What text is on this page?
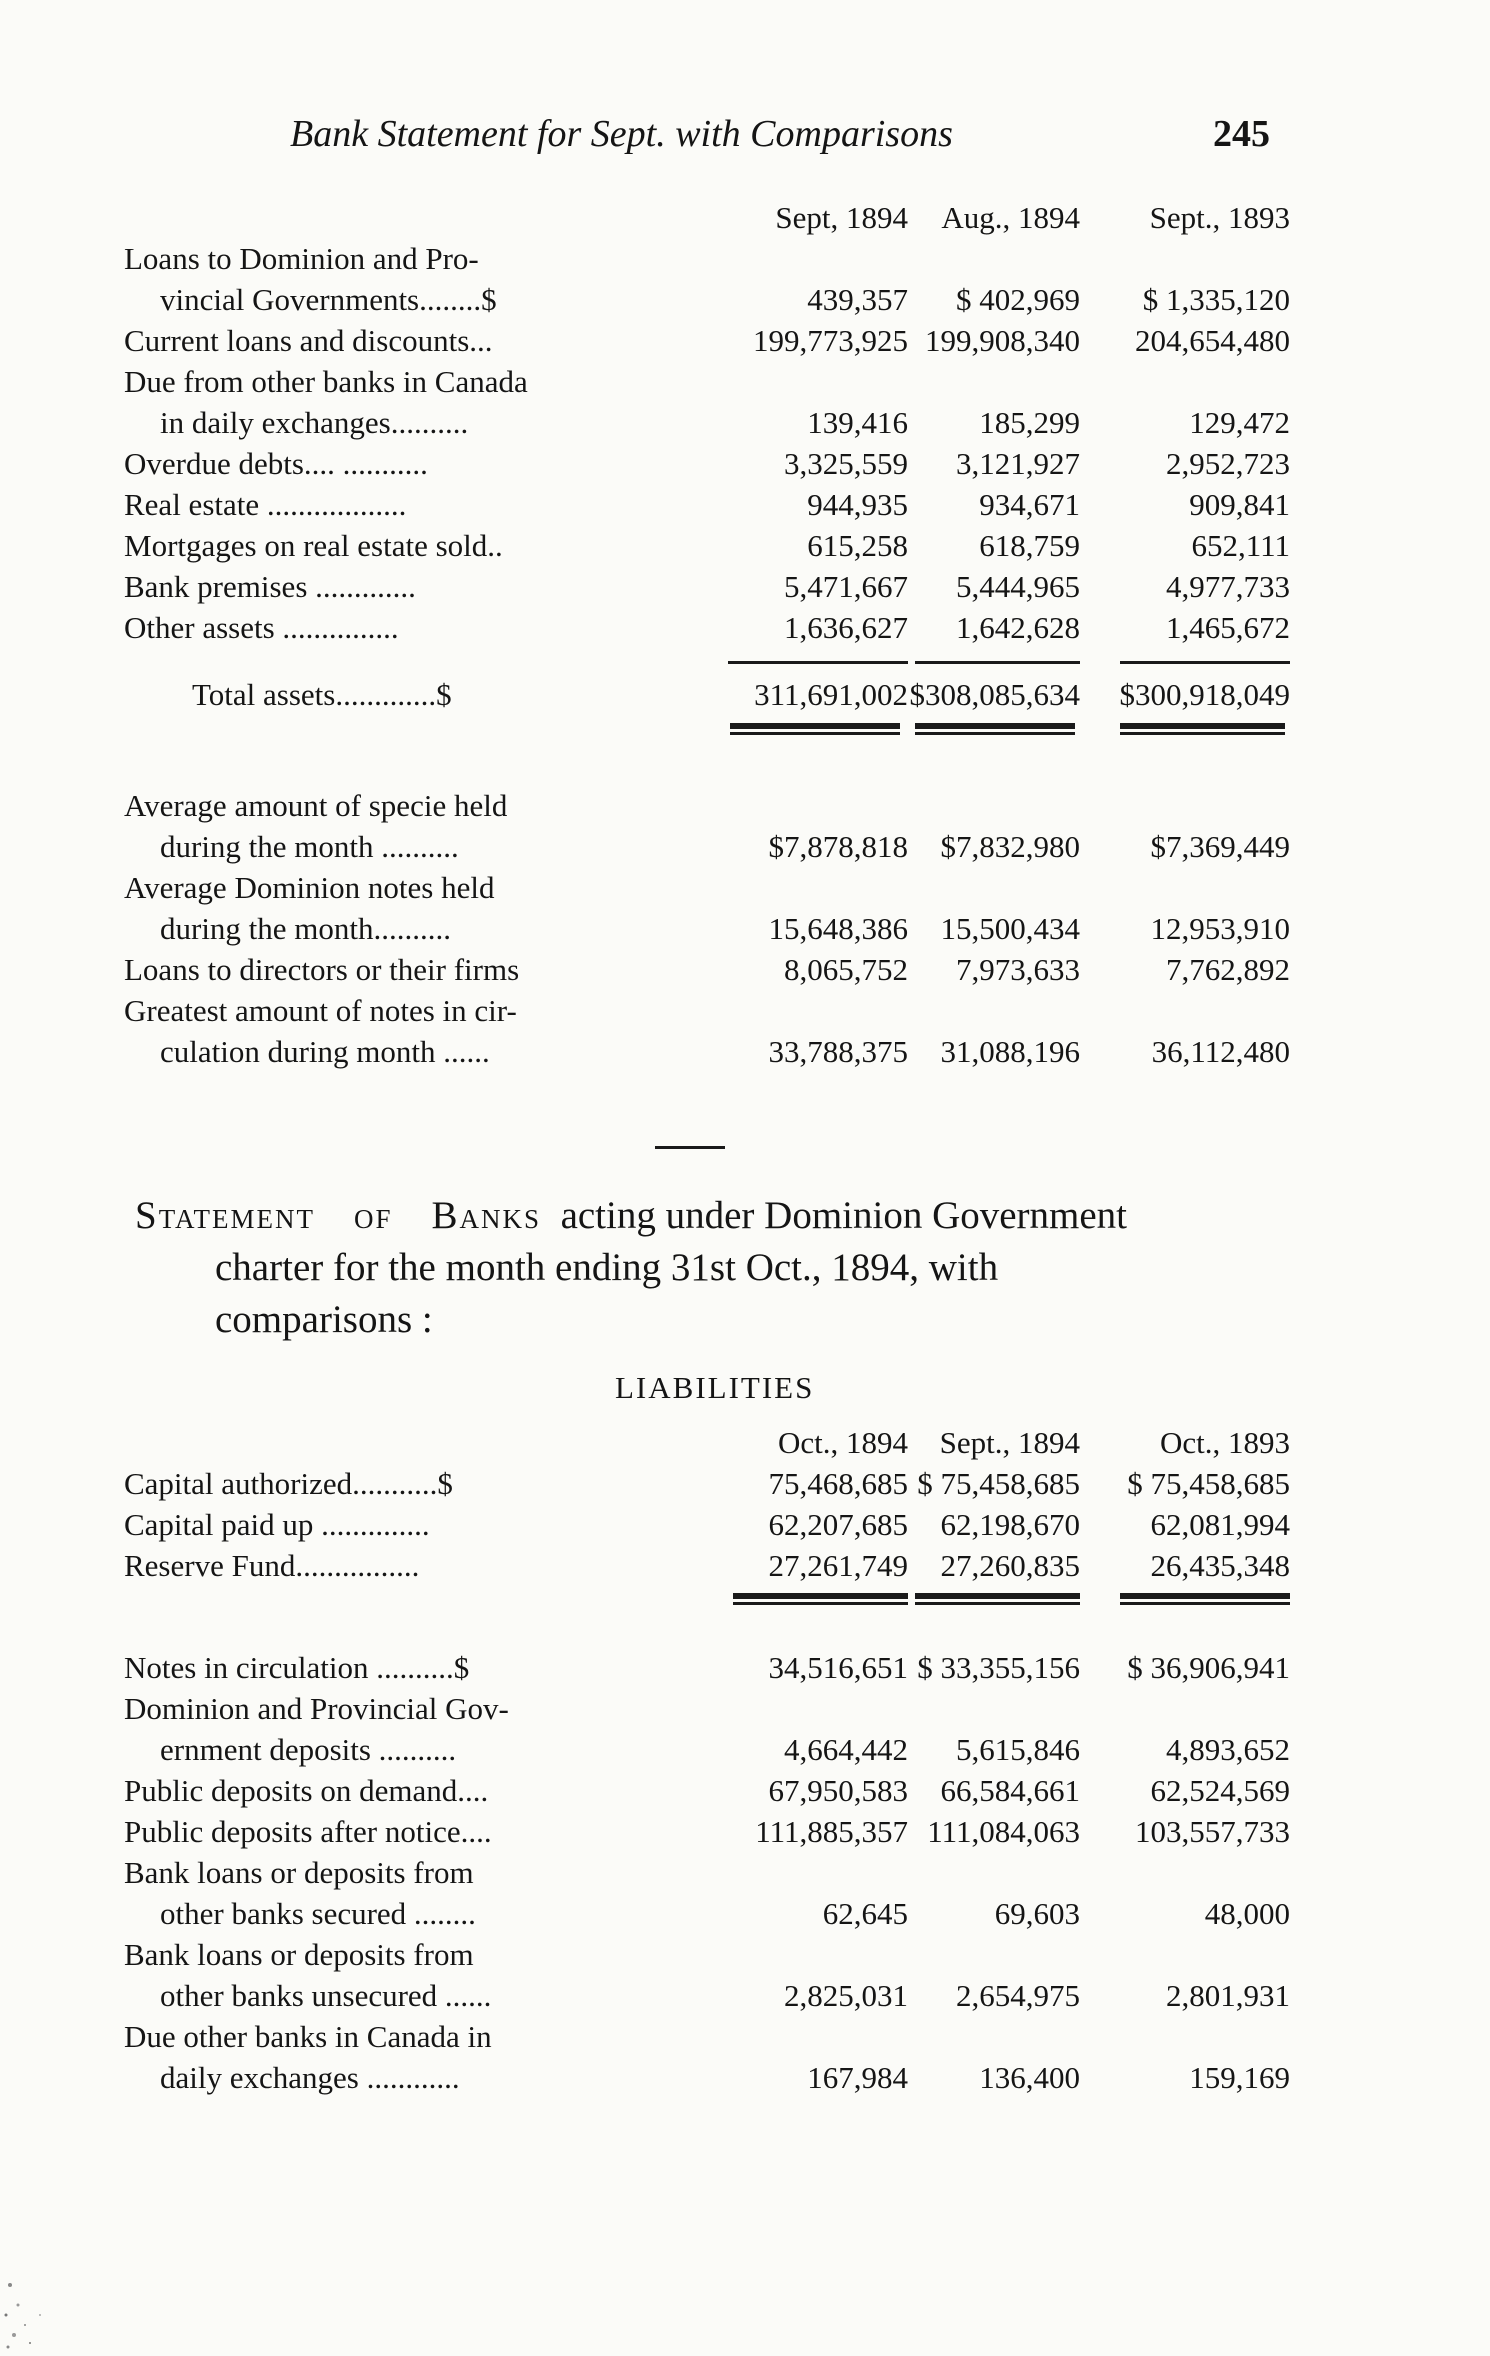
Bank Statement for Sept. with Comparisons	245
Sept, 1894 Aug., 1894 Sept., 1893
Loans to Dominion and Pro-
vincial Governments........$	439,357 $ 402,969 $ 1,335,120
Current loans and discounts...	199,773,925 199,908,340 204,654,480
Due from other banks in Canada
in daily exchanges..........	139,416 185,299	129,472
Overdue debts.... ...........	3,325,559 3,121,927	2,952,723
Real estate ..................	944,935 934,671	909,841
Mortgages on real estate sold..	615,258 618,759	652,111
Bank premises .............	5,471,667 5,444,965	4,977,733
Other assets ...............	1,636,627 1,642,628	1,465,672
Total assets.............$	311,691,002 $308,085,634 $300,918,049
Average amount of specie held
during the month ..........	$7,878,818 $7,832,980 $7,369,449
Average Dominion notes held
during the month..........	15,648,386 15,500,434 12,953,910
Loans to directors or their firms	8,065,752 7,973,633	7,762,892
Greatest amount of notes in cir-
culation during month ......	33,788,375 31,088,196 36,112,480
Statement of Banks acting under Dominion Government
charter for the month ending 31st Oct., 1894, with
comparisons :
LIABILITIES
Oct., 1894 Sept., 1894	Oct., 1893
Capital authorized...........$	75,468,685 $ 75,458,685 $ 75,458,685
Capital paid up ..............	62,207,685 62,198,670 62,081,994
Reserve Fund................	27,261,749 27,260,835 26,435,348
Notes in circulation ..........$	34,516,651 $ 33,355,156 $ 36,906,941
Dominion and Provincial Gov-
ernment deposits ..........	4,664,442 5,615,846	4,893,652
Public deposits on demand....	67,950,583 66,584,661 62,524,569
Public deposits after notice....	111,885,357 111,084,063 103,557,733
Bank loans or deposits from
other banks secured ........	62,645	69,603	48,000
Bank loans or deposits from
other banks unsecured ......	2,825,031 2,654,975	2,801,931
Due other banks in Canada in
daily exchanges ............	167,984 136,400	159,169
